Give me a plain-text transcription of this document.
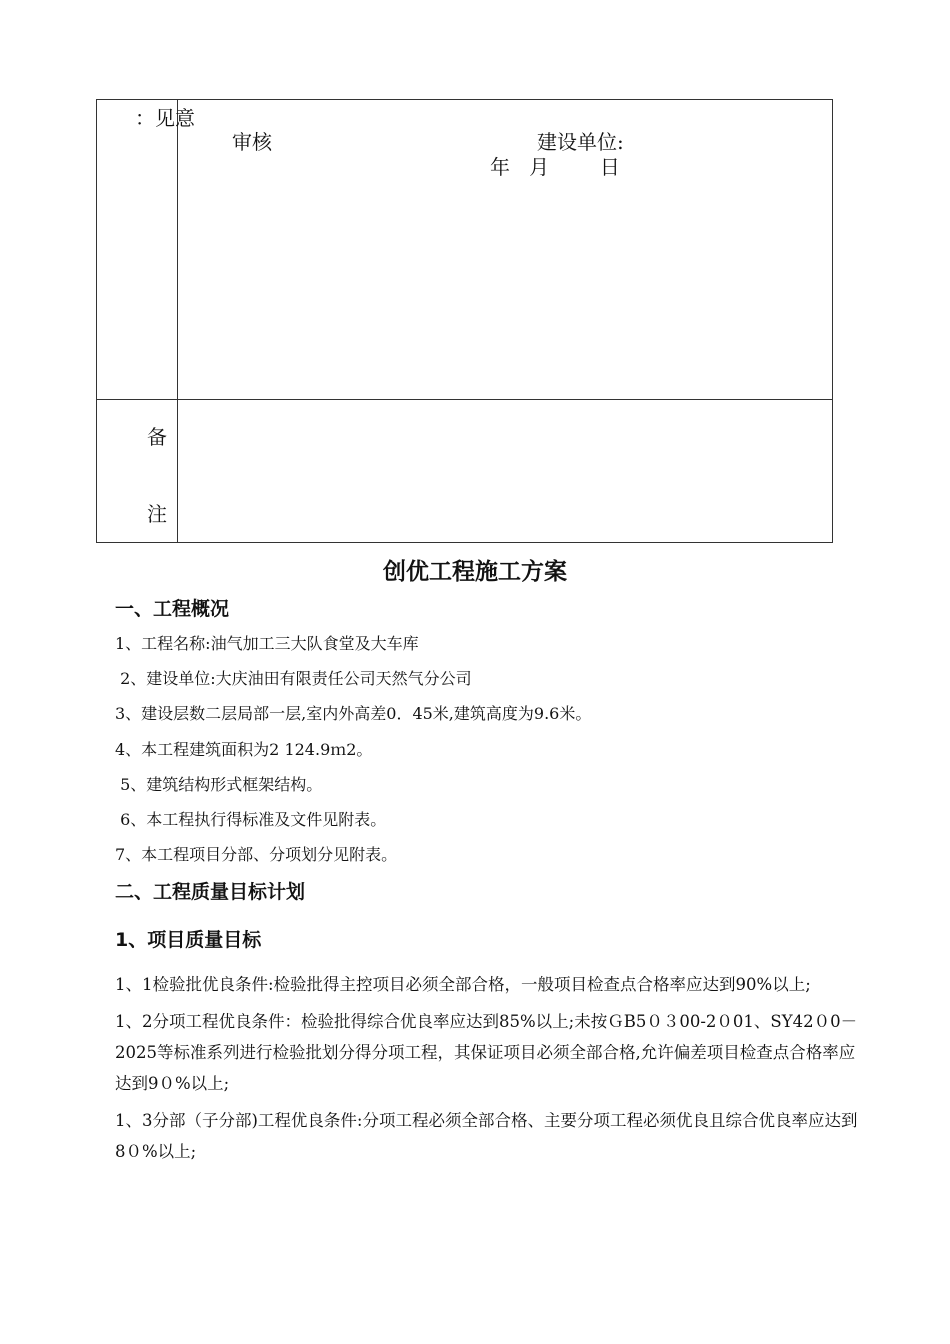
：见意
审核	建设单位:
年   月        日
备
注
创优工程施工方案
一、工程概况
1、工程名称:油气加工三大队食堂及大车库
2、建设单位:大庆油田有限责任公司天然气分公司
3、建设层数二层局部一层,室内外高差0．45米,建筑高度为9.6米。
4、本工程建筑面积为2 124.9ｍ2。
5、建筑结构形式框架结构。
6、本工程执行得标准及文件见附表。
7、本工程项目分部、分项划分见附表。
二、工程质量目标计划
1、项目质量目标
1、1检验批优良条件:检验批得主控项目必须全部合格，一般项目检查点合格率应达到90%以上;
1、2分项工程优良条件：检验批得综合优良率应达到85%以上;未按ＧB5０３00-2０01、SY42０0－2025等标准系列进行检验批划分得分项工程，其保证项目必须全部合格,允许偏差项目检查点合格率应达到9０%以上;
1、3分部（子分部)工程优良条件:分项工程必须全部合格、主要分项工程必须优良且综合优良率应达到8０%以上;
